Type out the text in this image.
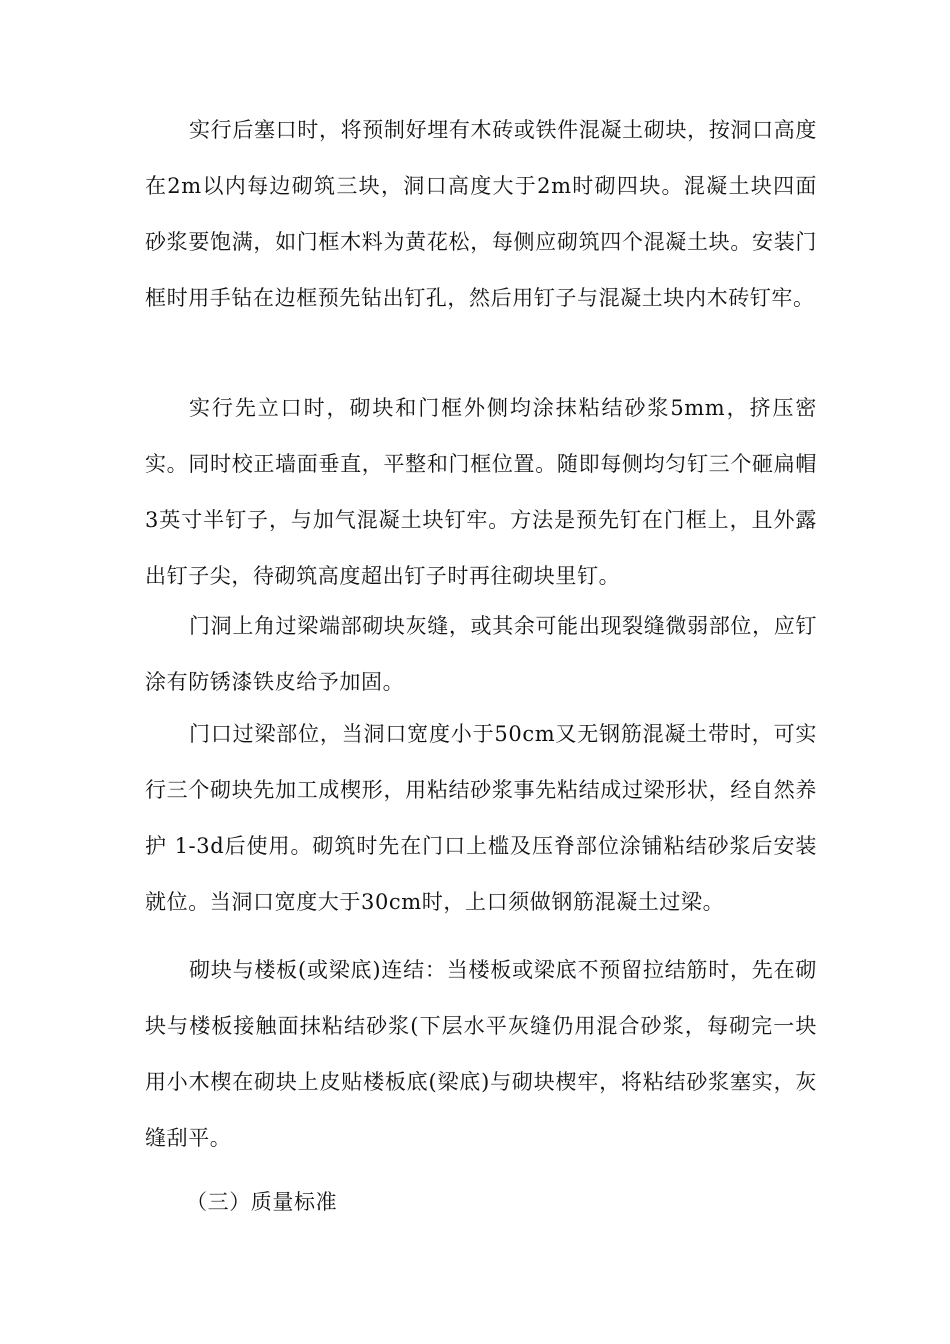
实行后塞口时，将预制好埋有木砖或铁件混凝土砌块，按洞口高度在2m以内每边砌筑三块，洞口高度大于2m时砌四块。混凝土块四面砂浆要饱满，如门框木料为黄花松，每侧应砌筑四个混凝土块。安装门框时用手钻在边框预先钻出钉孔，然后用钉子与混凝土块内木砖钉牢。

实行先立口时，砌块和门框外侧均涂抹粘结砂浆5mm，挤压密实。同时校正墙面垂直，平整和门框位置。随即每侧均匀钉三个砸扁帽3英寸半钉子，与加气混凝土块钉牢。方法是预先钉在门框上，且外露出钉子尖，待砌筑高度超出钉子时再往砌块里钉。

门洞上角过梁端部砌块灰缝，或其余可能出现裂缝微弱部位，应钉涂有防锈漆铁皮给予加固。

门口过梁部位，当洞口宽度小于50cm又无钢筋混凝土带时，可实行三个砌块先加工成楔形，用粘结砂浆事先粘结成过梁形状，经自然养护 1-3d后使用。砌筑时先在门口上槛及压脊部位涂铺粘结砂浆后安装就位。当洞口宽度大于30cm时，上口须做钢筋混凝土过梁。

砌块与楼板(或梁底)连结：当楼板或梁底不预留拉结筋时，先在砌块与楼板接触面抹粘结砂浆(下层水平灰缝仍用混合砂浆，每砌完一块用小木楔在砌块上皮贴楼板底(梁底)与砌块楔牢，将粘结砂浆塞实，灰缝刮平。

（三）质量标准
